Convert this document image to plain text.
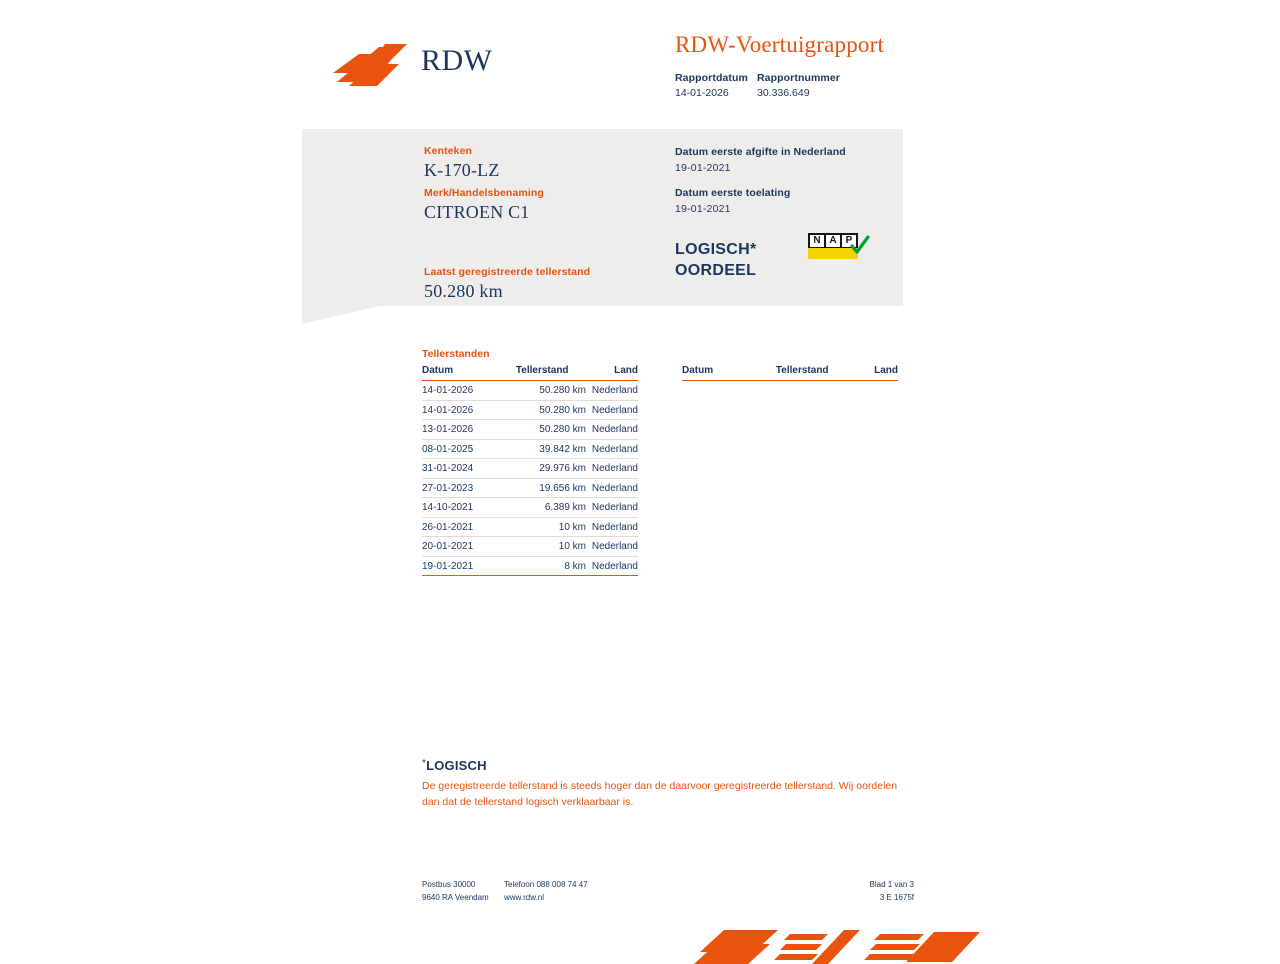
RDW	RDW-Voertuigrapport
Rapportdatum Rapportnummer
14-01-2026	30.336.649
Kenteken
K-170-LZ
Merk/Handelsbenaming
CITROEN C1
Laatst geregistreerde tellerstand
50.280 km
Datum eerste afgifte in Nederland
19-01-2021
Datum eerste toelating
19-01-2021
LOGISCH*
OORDEEL
N A P
Tellerstanden
Datum	Tellerstand	Land
14-01-2026	50.280 km Nederland
14-01-2026	50.280 km Nederland
13-01-2026	50.280 km Nederland
08-01-2025	39.842 km Nederland
31-01-2024	29.976 km Nederland
27-01-2023	19.656 km Nederland
14-10-2021	6.389 km Nederland
26-01-2021	10 km Nederland
20-01-2021	10 km Nederland
19-01-2021	8 km Nederland
Datum	Tellerstand	Land
*LOGISCH
De geregistreerde tellerstand is steeds hoger dan de daarvoor geregistreerde tellerstand. Wij oordelen dan dat de tellerstand logisch verklaarbaar is.
Postbus 30000
9640 RA Veendam
Telefoon 088 008 74 47
www.rdw.nl
Blad 1 van 3
3 E 1675f
